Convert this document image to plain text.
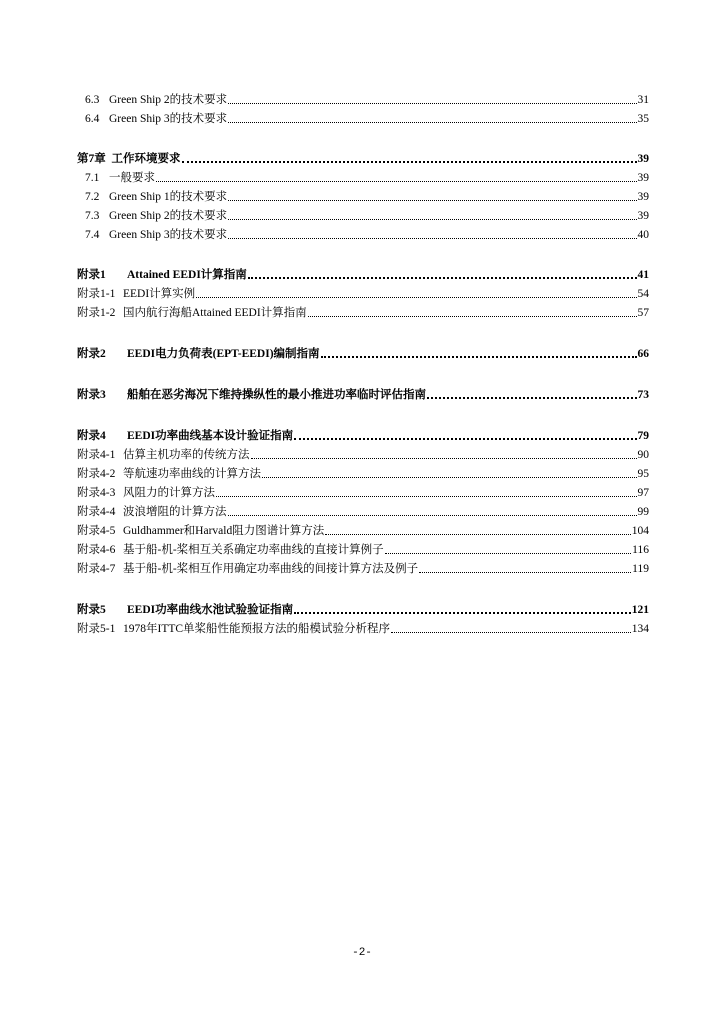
6.3 Green Ship 2的技术要求	31
6.4 Green Ship 3的技术要求	35
第7章 工作环境要求	39
7.1 一般要求	39
7.2 Green Ship 1的技术要求	39
7.3 Green Ship 2的技术要求	39
7.4 Green Ship 3的技术要求	40
附录1 Attained EEDI计算指南	41
附录1-1 EEDI计算实例	54
附录1-2 国内航行海船Attained EEDI计算指南	57
附录2 EEDI电力负荷表(EPT-EEDI)编制指南	66
附录3 船舶在恶劣海况下维持操纵性的最小推进功率临时评估指南	73
附录4 EEDI功率曲线基本设计验证指南	79
附录4-1 估算主机功率的传统方法	90
附录4-2 等航速功率曲线的计算方法	95
附录4-3 风阻力的计算方法	97
附录4-4 波浪增阻的计算方法	99
附录4-5 Guldhammer和Harvald阻力图谱计算方法	104
附录4-6 基于船-机-桨相互关系确定功率曲线的直接计算例子	116
附录4-7 基于船-机-桨相互作用确定功率曲线的间接计算方法及例子	119
附录5 EEDI功率曲线水池试验验证指南	121
附录5-1 1978年ITTC单桨船性能预报方法的船模试验分析程序	134
-2-
